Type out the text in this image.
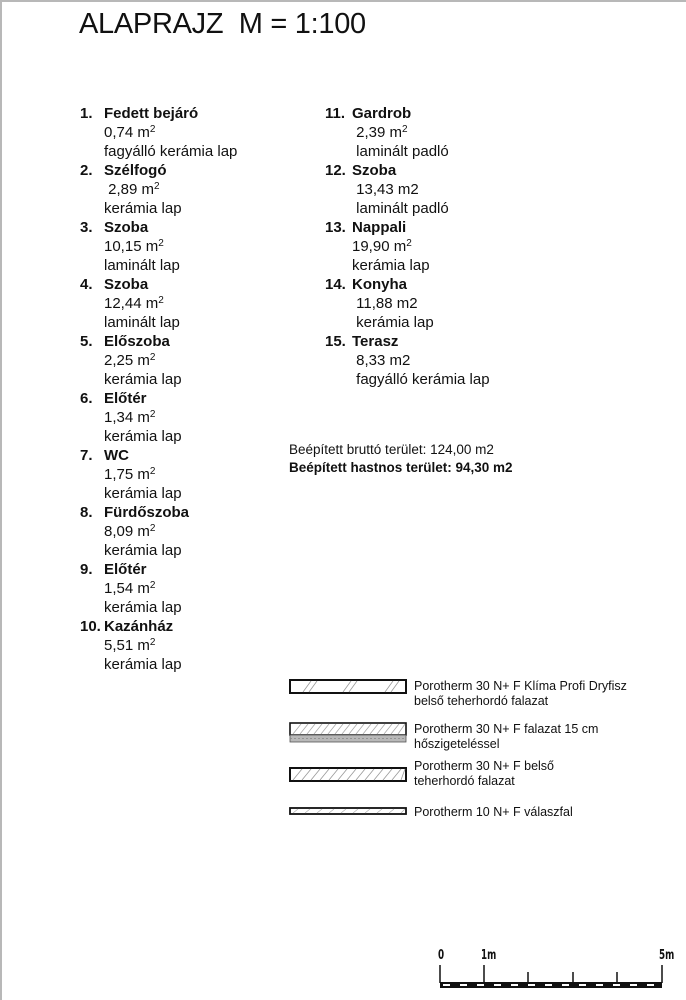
ALAPRAJZ  M = 1:100
1. Fedett bejáró
0,74 $m^2$
fagyálló kerámia lap
2. Szélfogó
2,89 $m^2$
kerámia lap
3. Szoba
10,15 $m^2$
laminált lap
4. Szoba
12,44 $m^2$
laminált lap
5. Előszoba
2,25 $m^2$
kerámia lap
6. Előtér
1,34 $m^2$
kerámia lap
7. WC
1,75 $m^2$
kerámia lap
8. Fürdőszoba
8,09 $m^2$
kerámia lap
9. Előtér
1,54 $m^2$
kerámia lap
10. Kazánház
5,51 $m^2$
kerámia lap
11. Gardrob
2,39 $m^2$
laminált padló
12. Szoba
13,43 m2
laminált padló
13. Nappali
19,90 $m^2$
kerámia lap
14. Konyha
11,88 m2
kerámia lap
15. Terasz
8,33 m2
fagyálló kerámia lap
Beépített bruttó terület: 124,00 m2
Beépített hastnos terület: 94,30 m2
Porotherm 30 N+ F Klíma Profi Dryfisz
belső teherhordó falazat
Porotherm 30 N+ F falazat 15 cm
hőszigeteléssel
Porotherm 30 N+ F belső
teherhordó falazat
Porotherm 10 N+ F válaszfal
0	1m	5m
